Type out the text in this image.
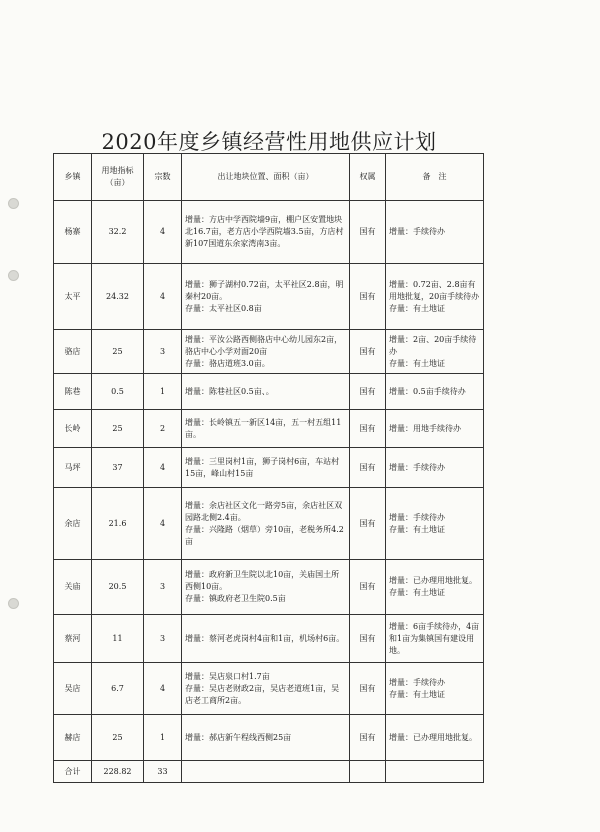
2020年度乡镇经营性用地供应计划
乡镇	用地指标（亩）	宗数	出让地块位置、面积（亩）	权属	备　注
杨寨	32.2	4	增量：方店中学西院墙9亩，棚户区安置地块北16.7亩，老方店小学西院墙3.5亩，方店村新107国道东余家湾南3亩。	国有	增量：手续待办

太平	24.32	4	增量：狮子湖村0.72亩，太平社区2.8亩，明秦村20亩。
存量：太平社区0.8亩	国有	增量：0.72亩、2.8亩有用地批复，20亩手续待办
存量：有土地证

骆店	25	3	增量：平汝公路西侧骆店中心幼儿园东2亩，骆店中心小学对面20亩
存量：骆店道班3.0亩。	国有	增量：2亩、20亩手续待办
存量：有土地证

陈巷	0.5	1	增量：陈巷社区0.5亩、。	国有	增量：0.5亩手续待办

长岭	25	2	增量：长岭镇五一新区14亩，五一村五组11亩。	国有	增量：用地手续待办

马坪	37	4	增量：三里岗村1亩，狮子岗村6亩，车站村15亩，峰山村15亩	国有	增量：手续待办

余店	21.6	4	增量：余店社区文化一路旁5亩，余店社区双园路北侧2.4亩。
存量：兴隆路（烟草）旁10亩，老税务所4.2亩	国有	增量：手续待办
存量：有土地证

关庙	20.5	3	增量：政府新卫生院以北10亩，关庙国土所西侧10亩。
存量：镇政府老卫生院0.5亩	国有	增量：已办理用地批复。
存量：有土地证

蔡河	11	3	增量：蔡河老虎岗村4亩和1亩，机场村6亩。	国有	增量：6亩手续待办，4亩和1亩为集镇国有建设用地。

吴店	6.7	4	增量：吴店泉口村1.7亩
存量：吴店老财政2亩，吴店老道班1亩，吴店老工商所2亩。	国有	增量：手续待办
存量：有土地证

赫店	25	1	增量：郝店新午程线西侧25亩	国有	增量：已办理用地批复。

合计	228.82	33			
